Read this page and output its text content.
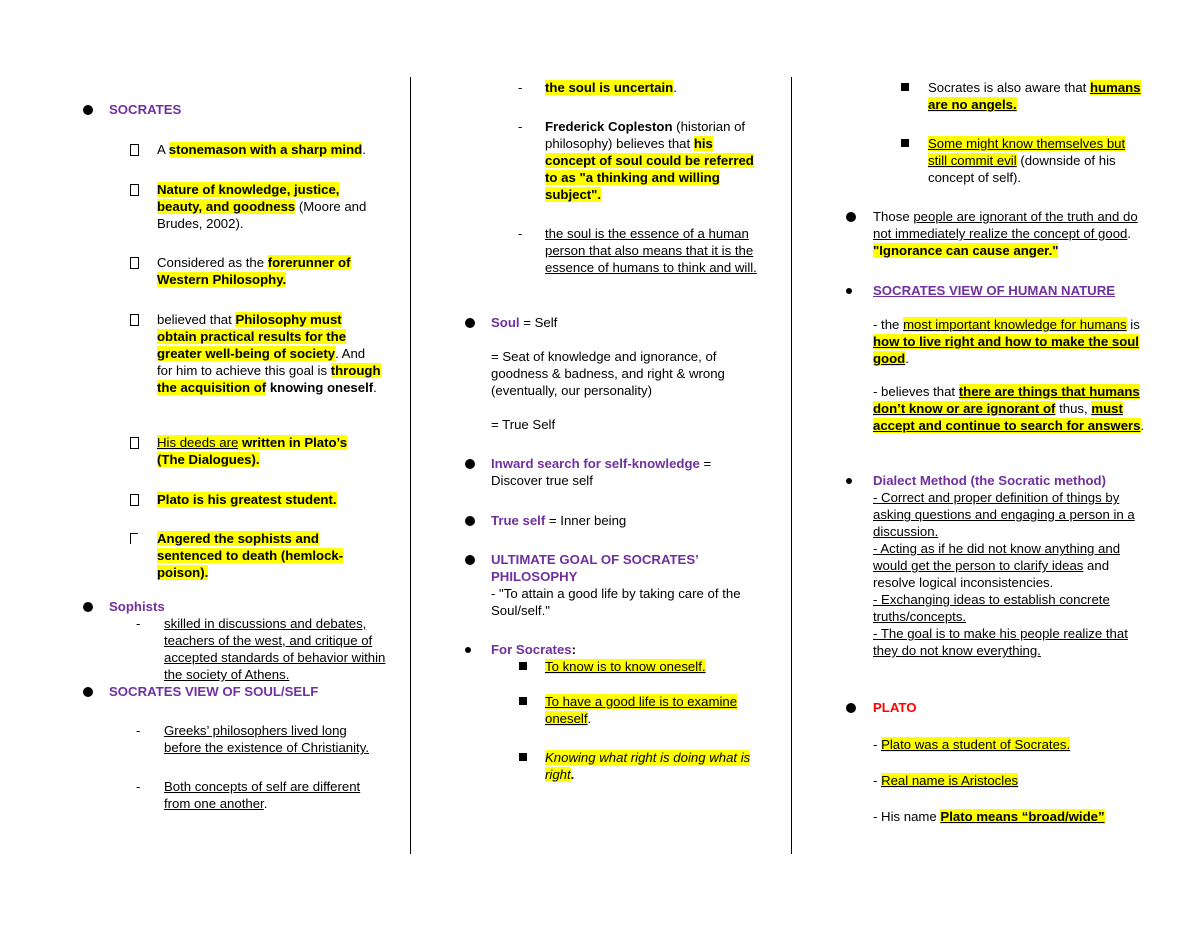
SOCRATES
A stonemason with a sharp mind.
Nature of knowledge, justice, beauty, and goodness (Moore and Brudes, 2002).
Considered as the forerunner of Western Philosophy.
believed that Philosophy must obtain practical results for the greater well-being of society. And for him to achieve this goal is through the acquisition of knowing oneself.
His deeds are written in Plato’s (The Dialogues).
Plato is his greatest student.
Angered the sophists and sentenced to death (hemlock-poison).
Sophists
- skilled in discussions and debates, teachers of the west, and critique of accepted standards of behavior within the society of Athens.
SOCRATES VIEW OF SOUL/SELF
- Greeks’ philosophers lived long before the existence of Christianity.
- Both concepts of self are different from one another.
- the soul is uncertain.
- Frederick Copleston (historian of philosophy) believes that his concept of soul could be referred to as "a thinking and willing subject".
- the soul is the essence of a human person that also means that it is the essence of humans to think and will.
Soul = Self
= Seat of knowledge and ignorance, of goodness & badness, and right & wrong (eventually, our personality)
= True Self
Inward search for self-knowledge = Discover true self
True self = Inner being
ULTIMATE GOAL OF SOCRATES’ PHILOSOPHY
- "To attain a good life by taking care of the Soul/self."
For Socrates:
To know is to know oneself.
To have a good life is to examine oneself.
Knowing what right is doing what is right.
Socrates is also aware that humans are no angels.
Some might know themselves but still commit evil (downside of his concept of self).
Those people are ignorant of the truth and do not immediately realize the concept of good. "Ignorance can cause anger."
SOCRATES VIEW OF HUMAN NATURE
- the most important knowledge for humans is how to live right and how to make the soul good.
- believes that there are things that humans don’t know or are ignorant of thus, must accept and continue to search for answers.
Dialect Method (the Socratic method)
- Correct and proper definition of things by asking questions and engaging a person in a discussion.
- Acting as if he did not know anything and would get the person to clarify ideas and resolve logical inconsistencies.
- Exchanging ideas to establish concrete truths/concepts.
- The goal is to make his people realize that they do not know everything.
PLATO
- Plato was a student of Socrates.
- Real name is Aristocles
- His name Plato means “broad/wide”
